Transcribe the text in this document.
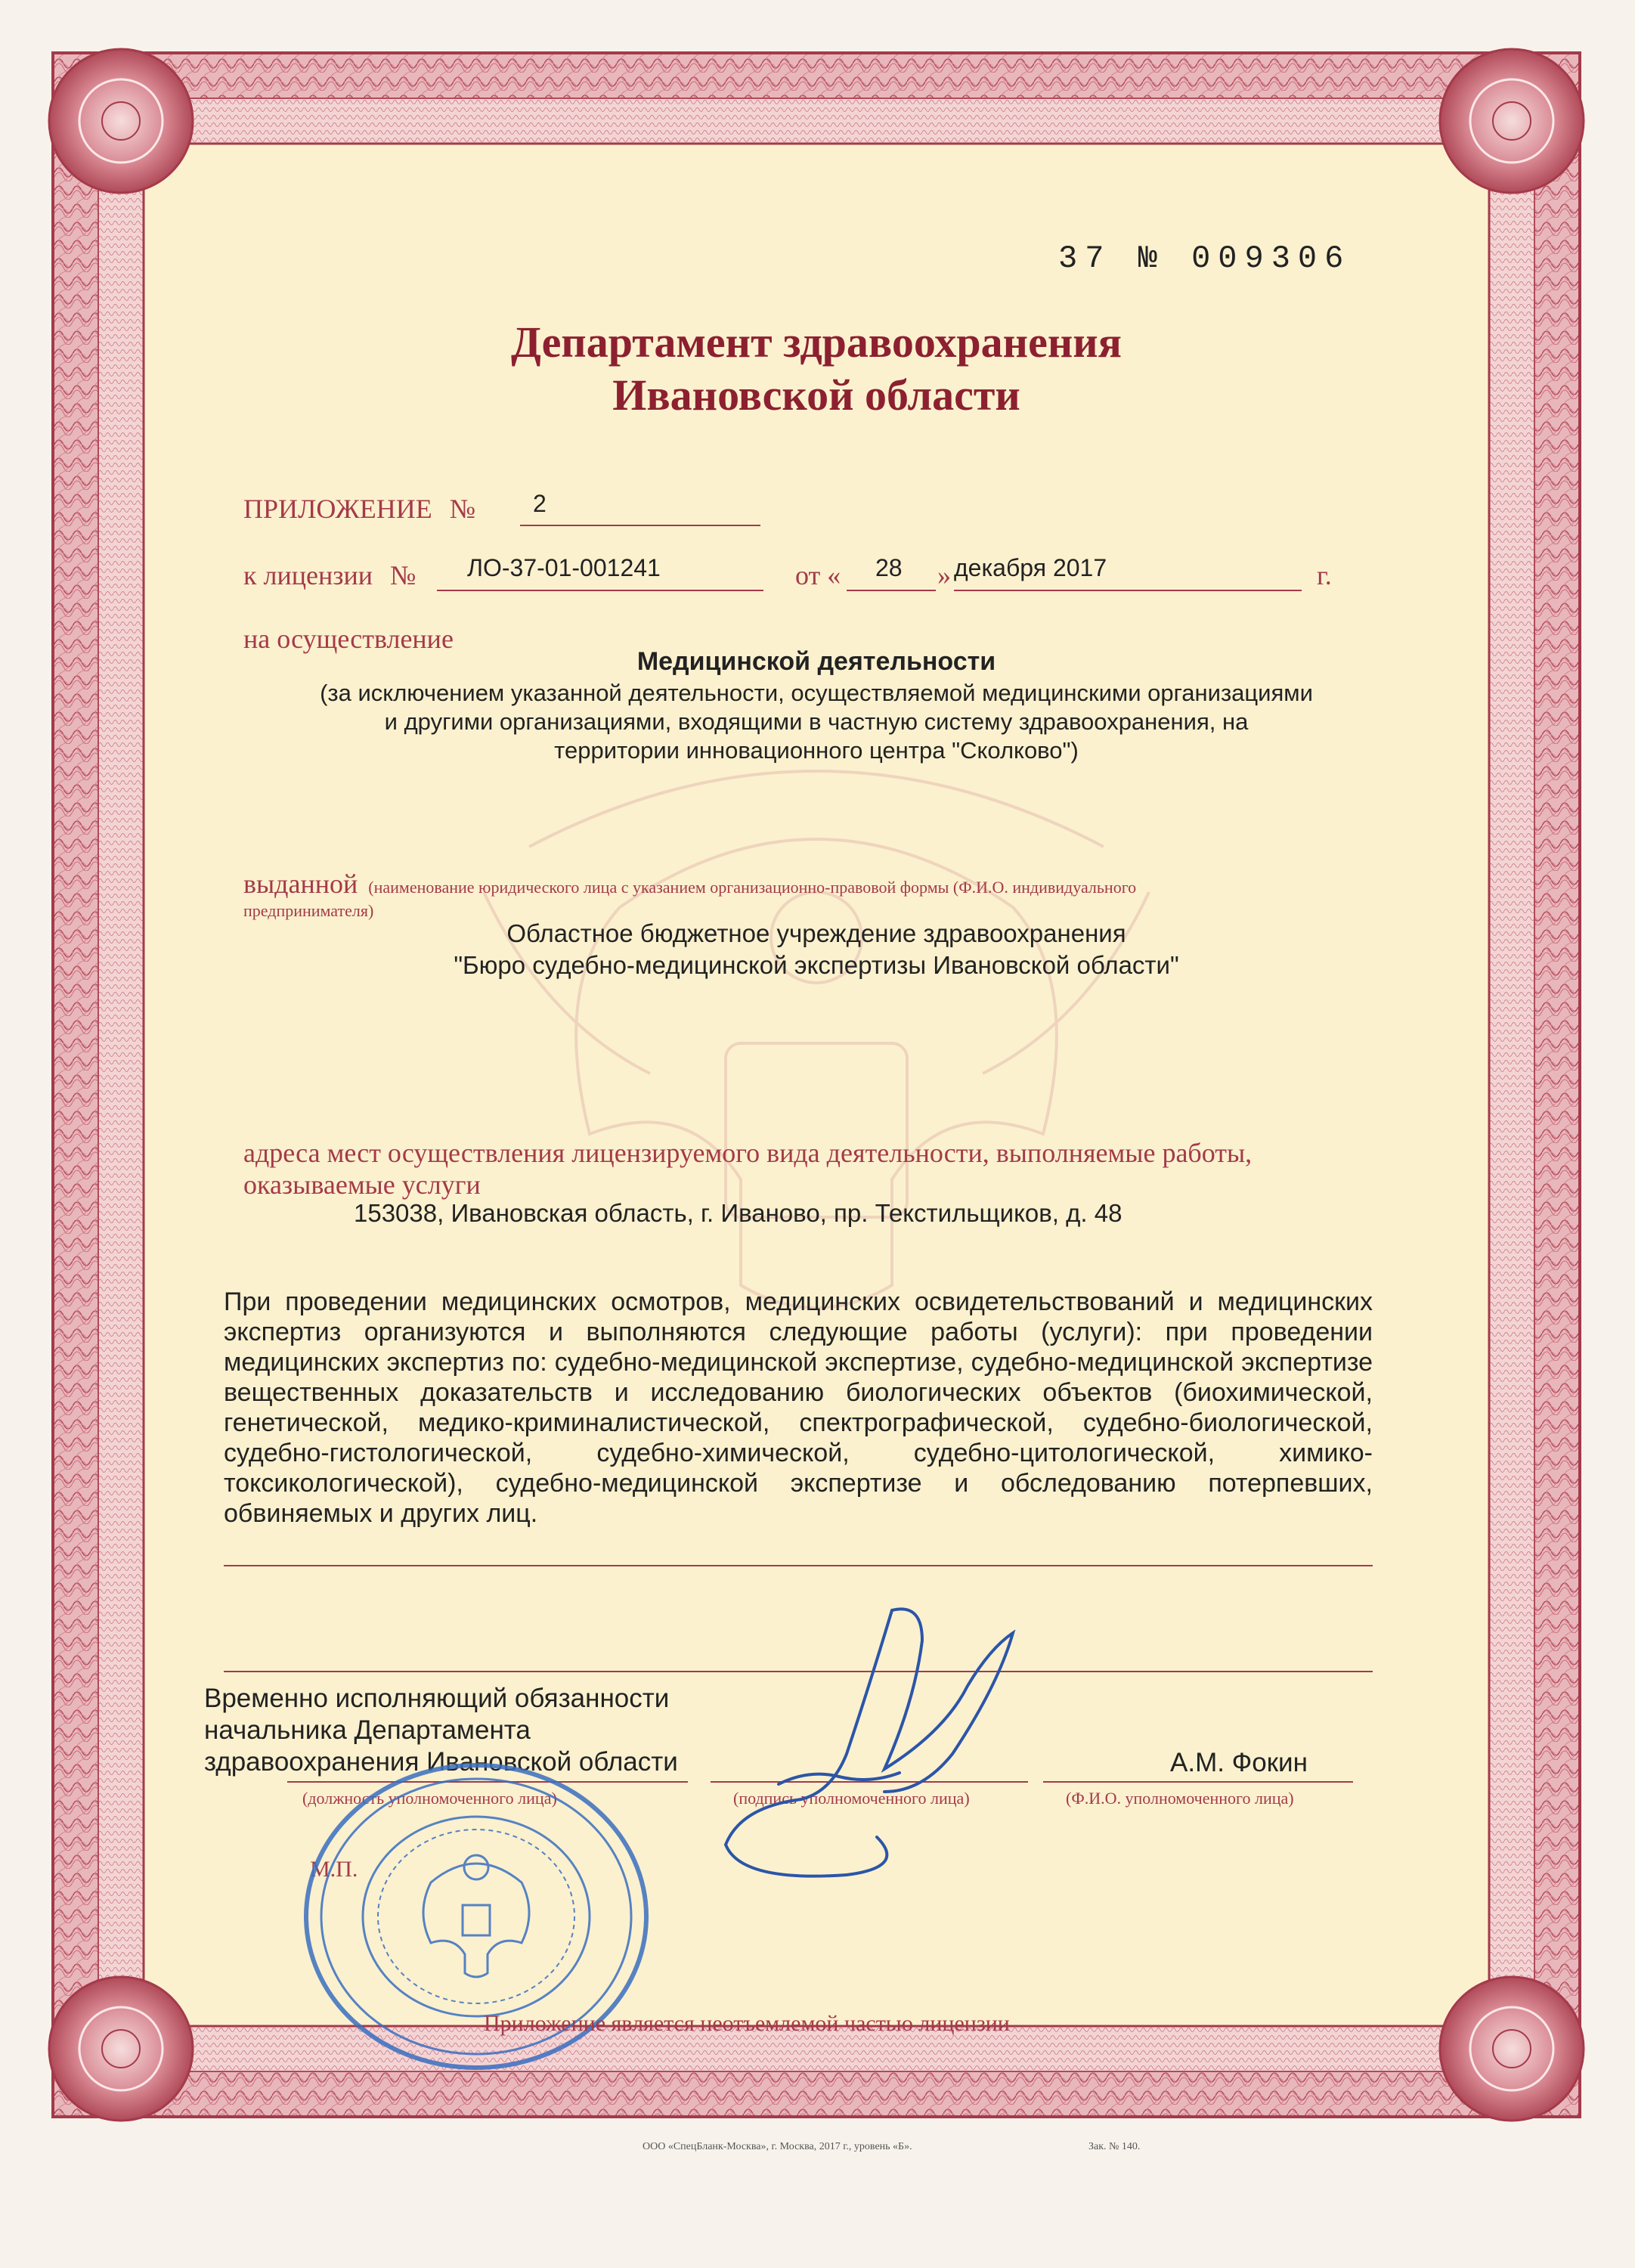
37 № 009306
Департамент здравоохранения
Ивановской области
ПРИЛОЖЕНИЕ № 2
к лицензии № ЛО-37-01-001241	от « 28 » декабря 2017	г.
на осуществление
Медицинской деятельности
(за исключением указанной деятельности, осуществляемой медицинскими организациями
и другими организациями, входящими в частную систему здравоохранения, на
территории инновационного центра "Сколково")
выданной (наименование юридического лица с указанием организационно-правовой формы (Ф.И.О. индивидуального
предпринимателя)
Областное бюджетное учреждение здравоохранения
"Бюро судебно-медицинской экспертизы Ивановской области"
адреса мест осуществления лицензируемого вида деятельности, выполняемые работы,
оказываемые услуги
153038, Ивановская область, г. Иваново, пр. Текстильщиков, д. 48
При проведении медицинских осмотров, медицинских освидетельствований и медицинских экспертиз организуются и выполняются следующие работы (услуги): при проведении медицинских экспертиз по: судебно-медицинской экспертизе, судебно-медицинской экспертизе вещественных доказательств и исследованию биологических объектов (биохимической, генетической, медико-криминалистической, спектрографической, судебно-биологической, судебно-гистологической, судебно-химической, судебно-цитологической, химико-токсикологической), судебно-медицинской экспертизе и обследованию потерпевших, обвиняемых и других лиц.
Временно исполняющий обязанности
начальника Департамента
здравоохранения Ивановской области	А.М. Фокин
(должность уполномоченного лица)	(подпись уполномоченного лица)	(Ф.И.О. уполномоченного лица)
М.П.
Приложение является неотъемлемой частью лицензии
ООО «СпецБланк-Москва», г. Москва, 2017 г., уровень «Б».	Зак. № 140.
